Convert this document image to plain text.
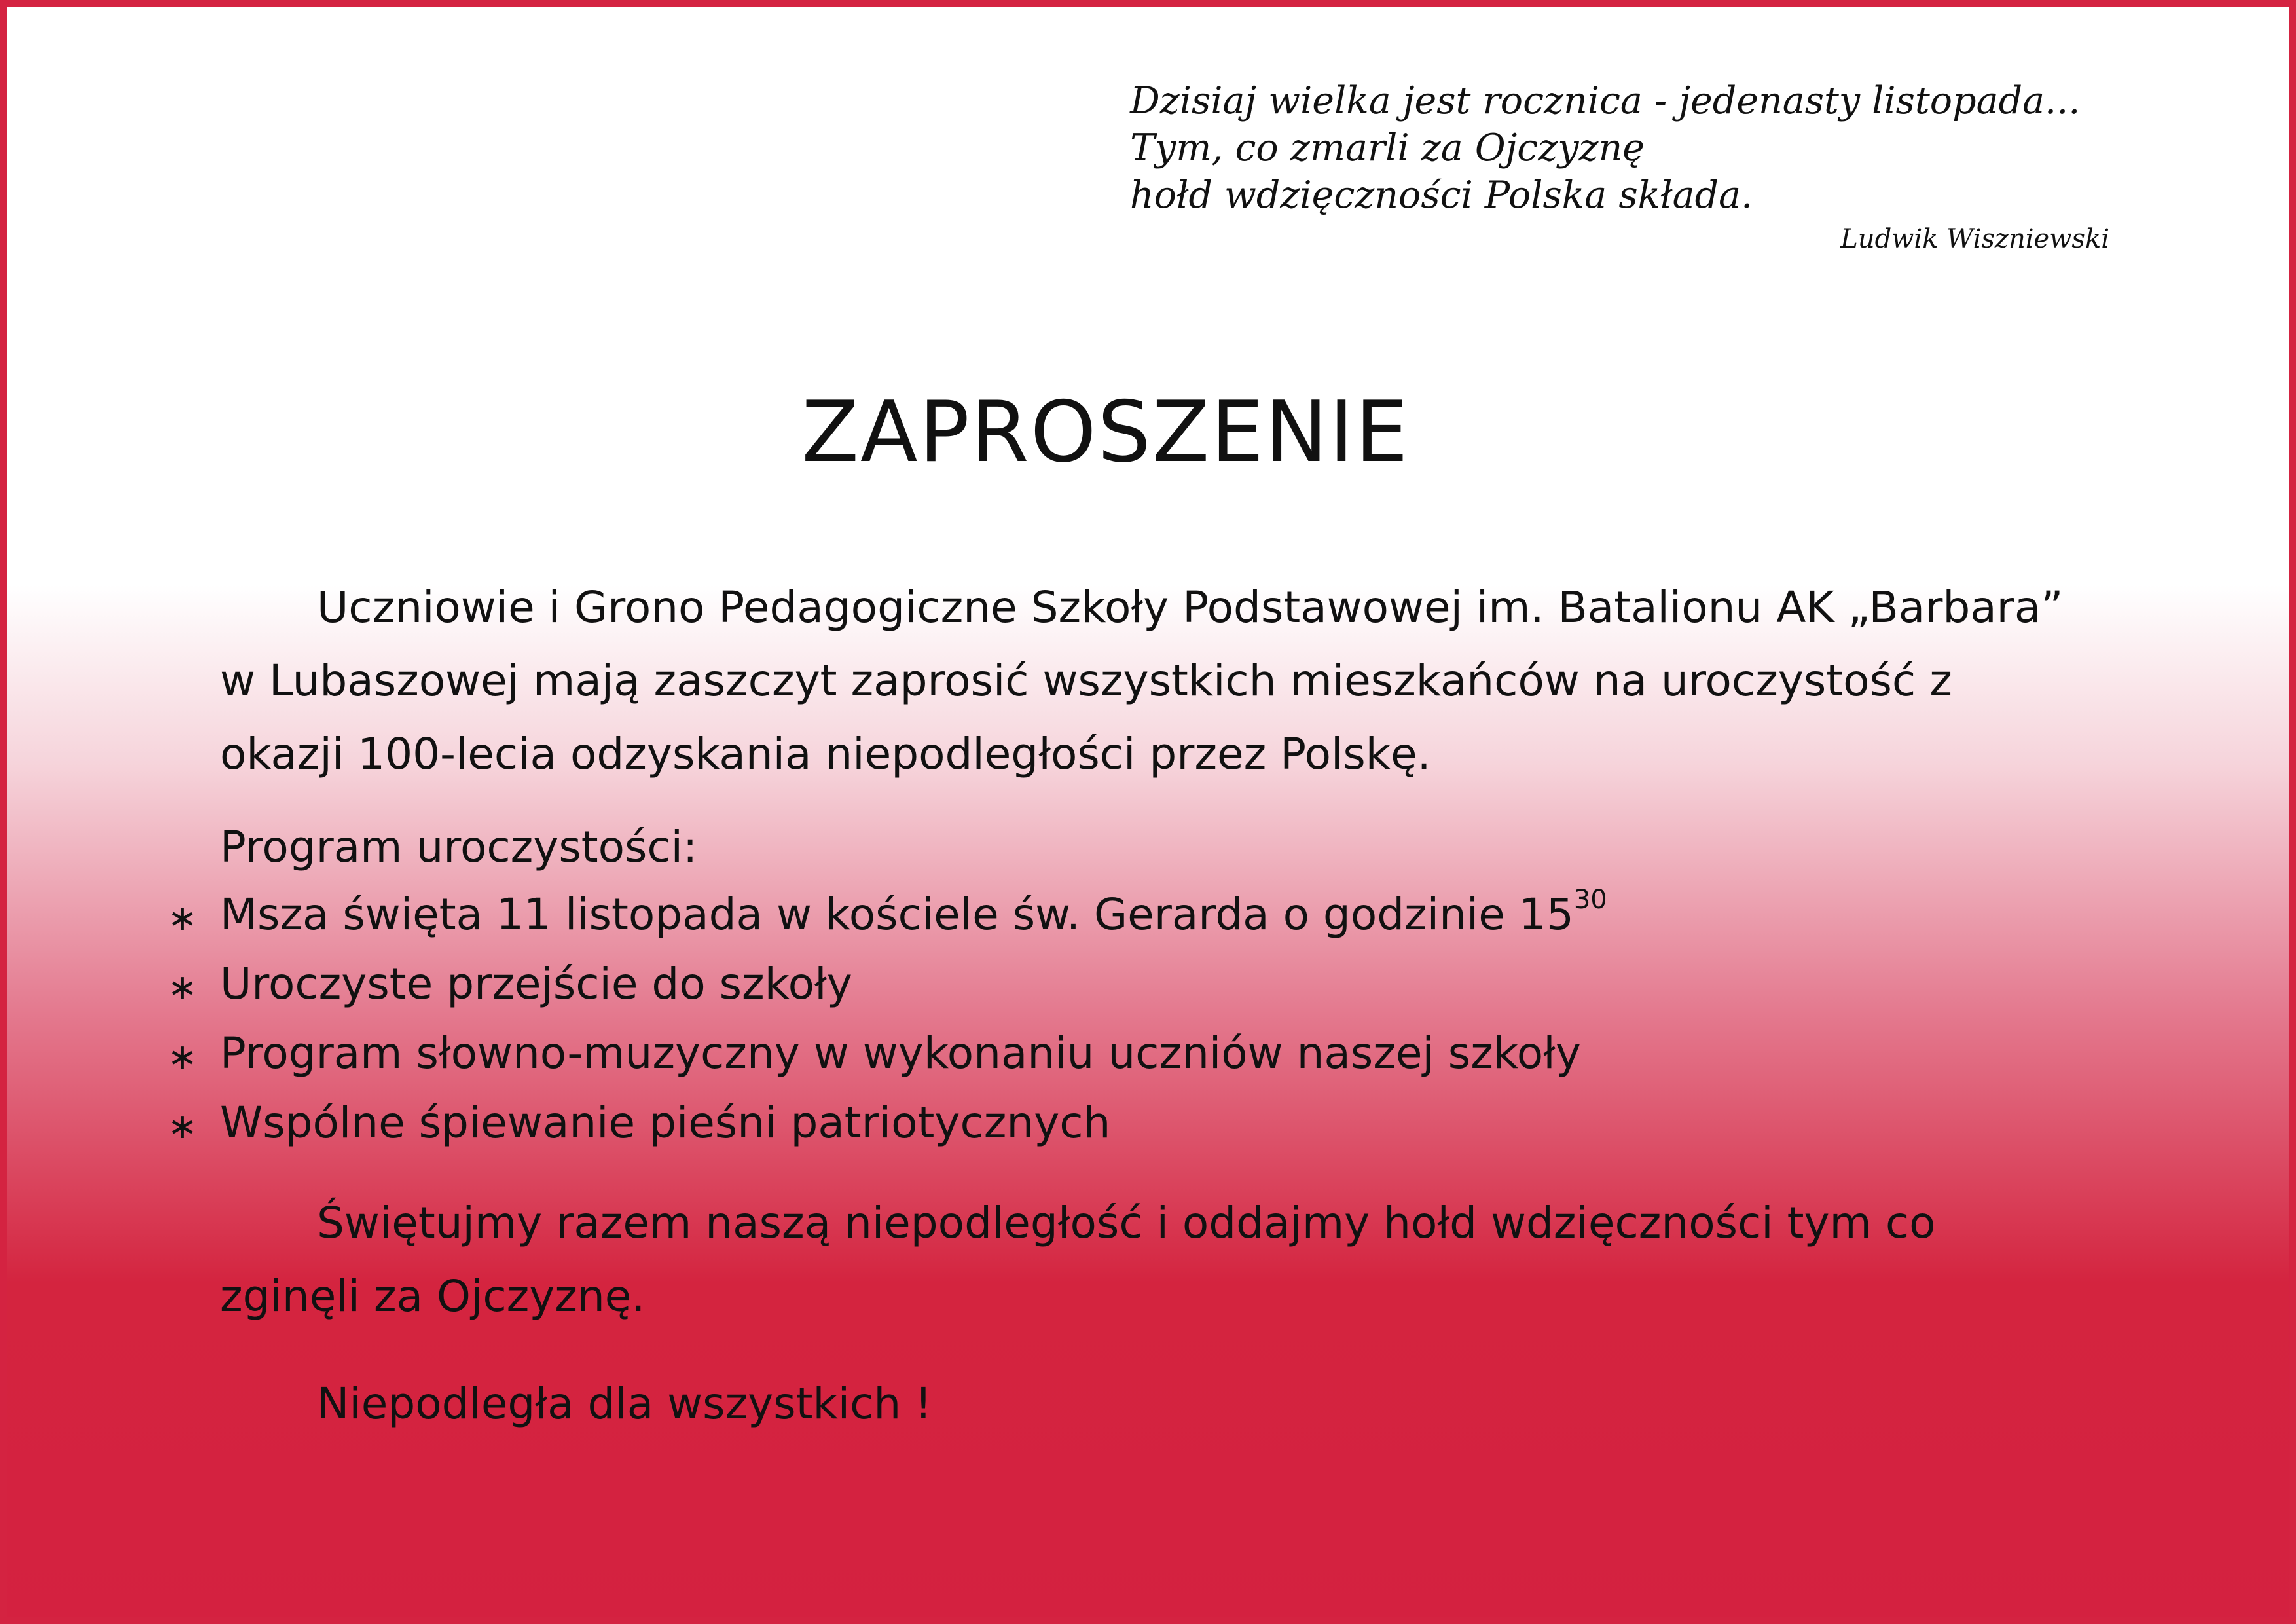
Dzisiaj wielka jest rocznica - jedenasty listopada...
Tym, co zmarli za Ojczyznę
hołd wdzięczności Polska składa.
Ludwik Wiszniewski
ZAPROSZENIE

Uczniowie i Grono Pedagogiczne Szkoły Podstawowej im. Batalionu AK „Barbara” w Lubaszowej mają zaszczyt zaprosić wszystkich mieszkańców na uroczystość z okazji 100-lecia odzyskania niepodległości przez Polskę.

Program uroczystości:
∗ Msza święta 11 listopada w kościele św. Gerarda o godzinie $15^{30}$
∗ Uroczyste przejście do szkoły
∗ Program słowno-muzyczny w wykonaniu uczniów naszej szkoły
∗ Wspólne śpiewanie pieśni patriotycznych

Świętujmy razem naszą niepodległość i oddajmy hołd wdzięczności tym co zginęli za Ojczyznę.

Niepodległa dla wszystkich !
